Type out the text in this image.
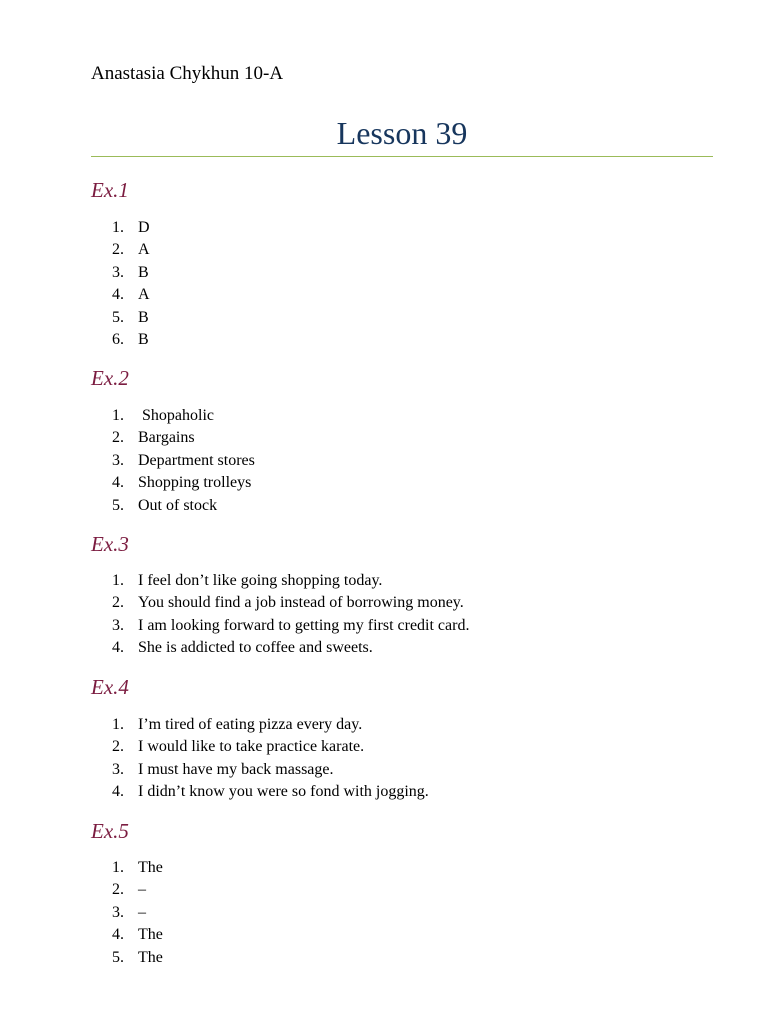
Anastasia Chykhun 10-A
Lesson 39
Ex.1
1. D
2. A
3. B
4. A
5. B
6. B
Ex.2
1. Shopaholic
2. Bargains
3. Department stores
4. Shopping trolleys
5. Out of stock
Ex.3
1. I feel don’t like going shopping today.
2. You should find a job instead of borrowing money.
3. I am looking forward to getting my first credit card.
4. She is addicted to coffee and sweets.
Ex.4
1. I’m tired of eating pizza every day.
2. I would like to take practice karate.
3. I must have my back massage.
4. I didn’t know you were so fond with jogging.
Ex.5
1. The
2. –
3. –
4. The
5. The
